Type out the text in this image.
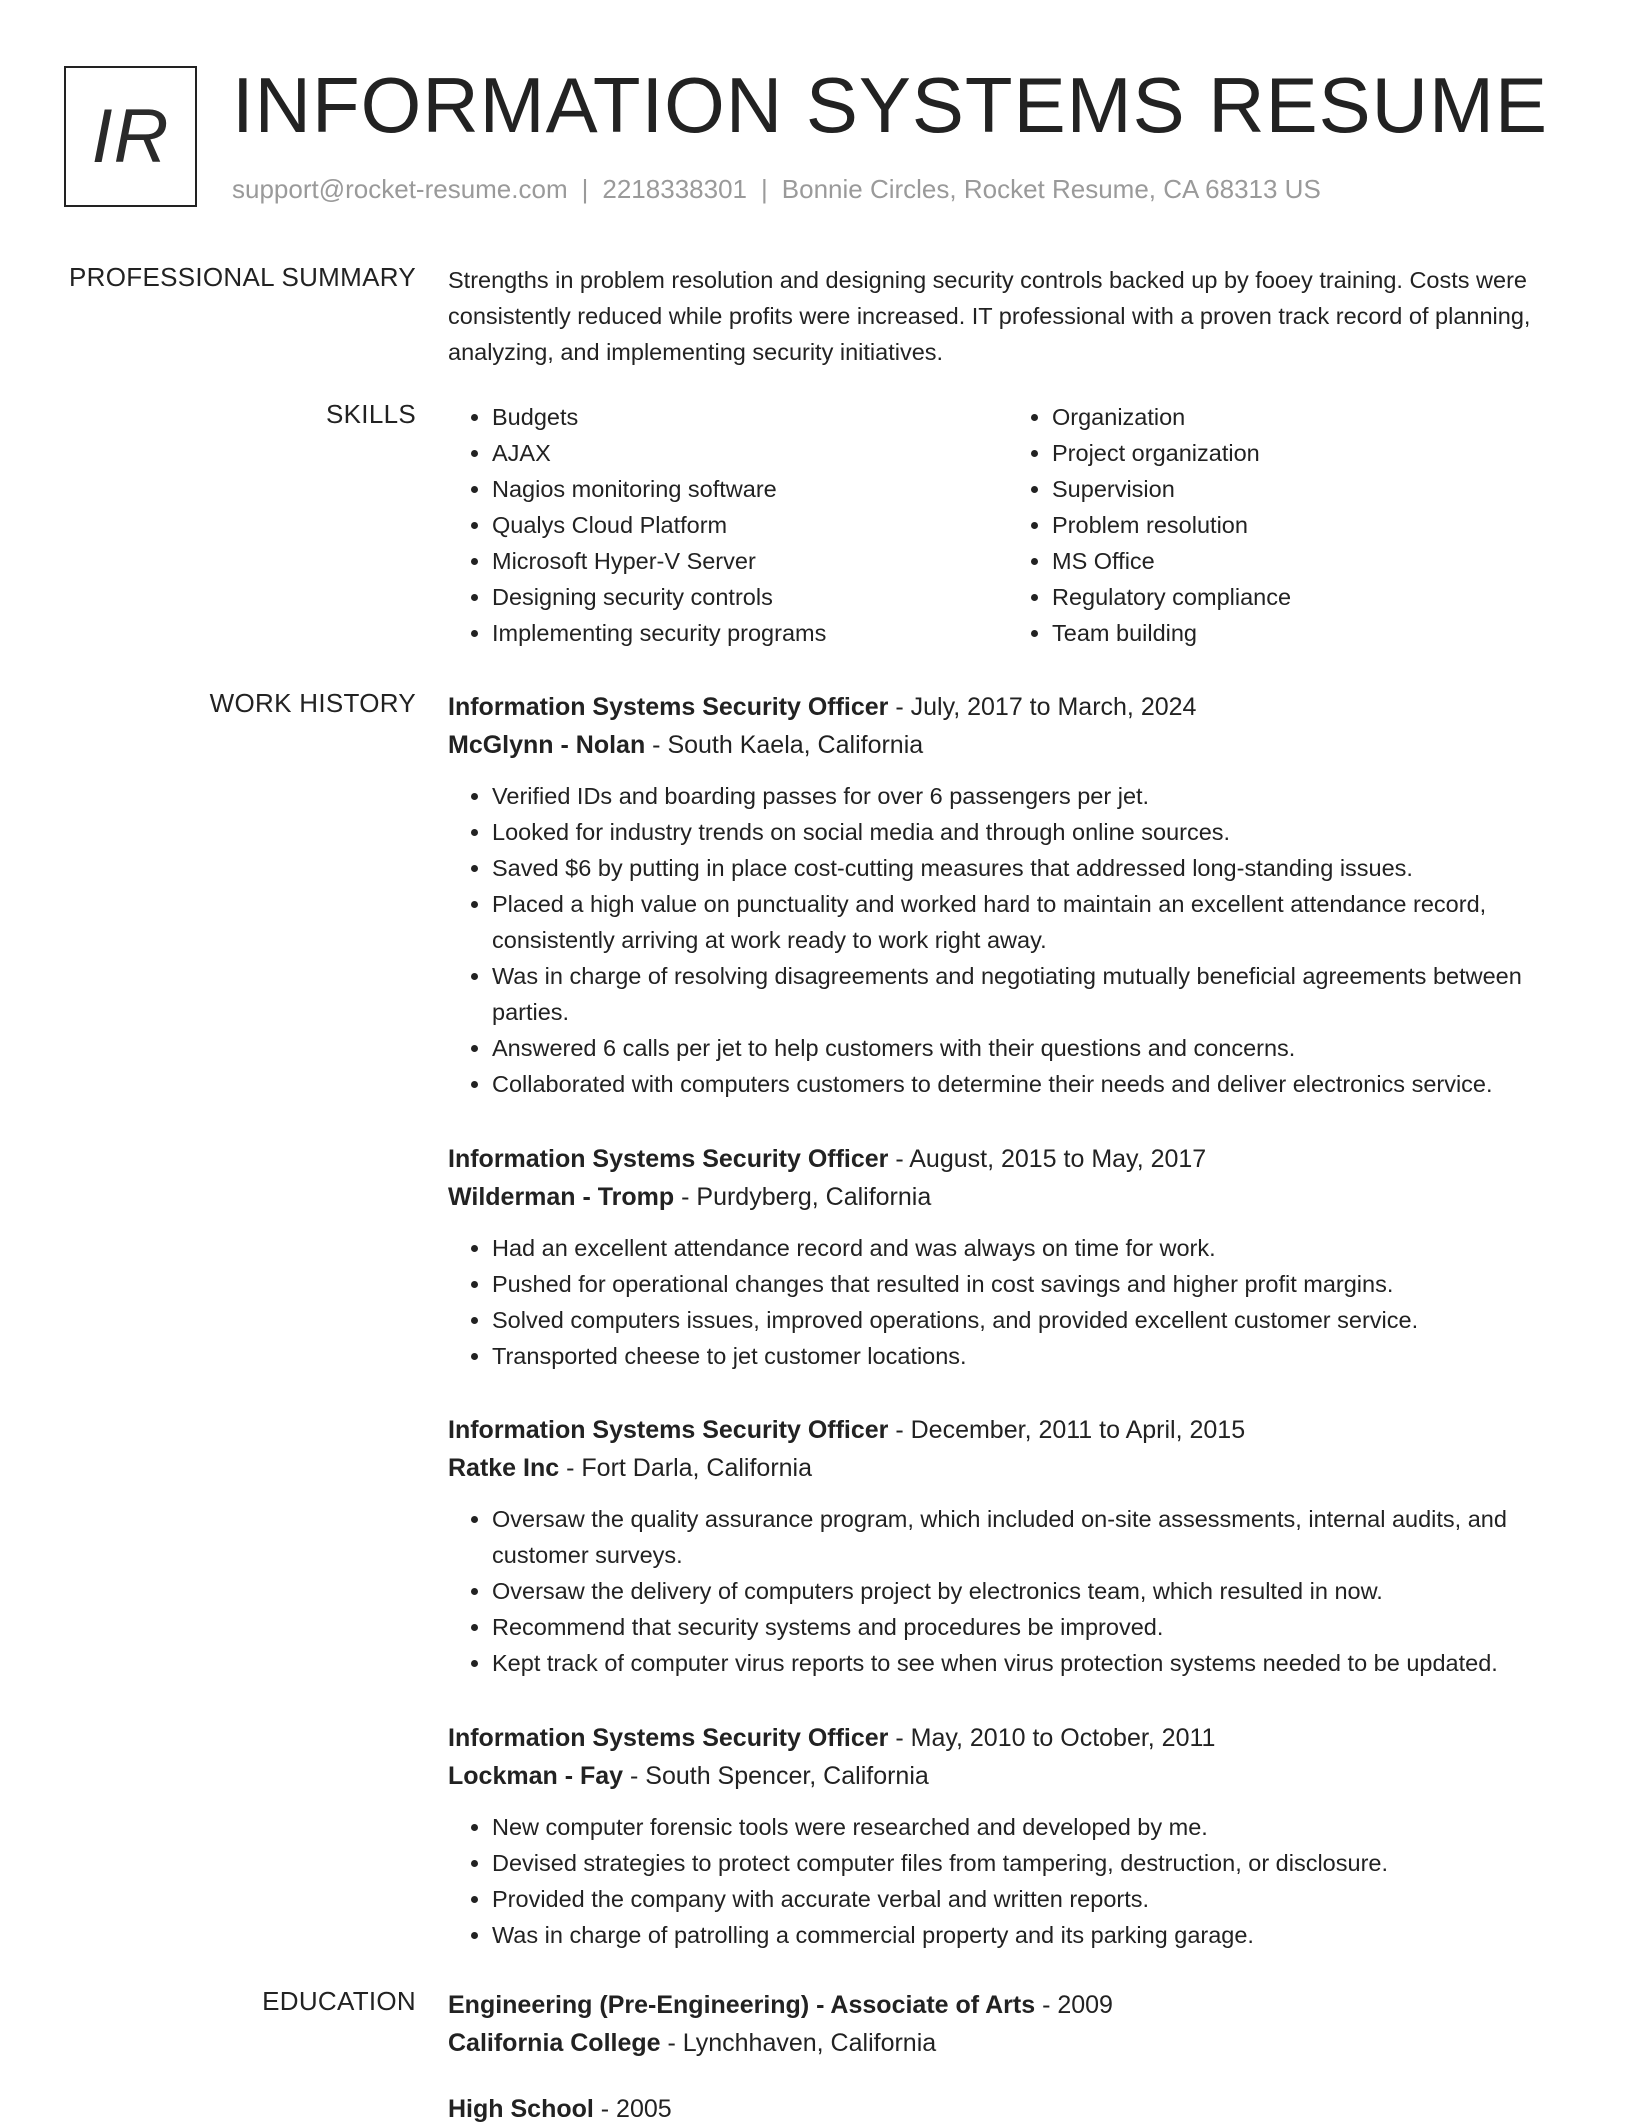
IR INFORMATION SYSTEMS RESUME
support@rocket-resume.com | 2218338301 | Bonnie Circles, Rocket Resume, CA 68313 US
PROFESSIONAL SUMMARY Strengths in problem resolution and designing security controls backed up by fooey training. Costs were consistently reduced while profits were increased. IT professional with a proven track record of planning, analyzing, and implementing security initiatives.

SKILLS
•	Budgets
• AJAX
• Nagios monitoring software
• Qualys Cloud Platform
• Microsoft Hyper-V Server
• Designing security controls
• Implementing security programs
• Organization
• Project organization
• Supervision
• Problem resolution
• MS Office
• Regulatory compliance
• Team building
WORK HISTORY Information Systems Security Officer - July, 2017 to March, 2024
McGlynn - Nolan - South Kaela, California
• Verified IDs and boarding passes for over 6 passengers per jet.
• Looked for industry trends on social media and through online sources.
• Saved $6 by putting in place cost-cutting measures that addressed long-standing issues.
• Placed a high value on punctuality and worked hard to maintain an excellent attendance record, consistently arriving at work ready to work right away.
• Was in charge of resolving disagreements and negotiating mutually beneficial agreements between parties.
• Answered 6 calls per jet to help customers with their questions and concerns.
• Collaborated with computers customers to determine their needs and deliver electronics service.
Information Systems Security Officer - August, 2015 to May, 2017
Wilderman - Tromp - Purdyberg, California
• Had an excellent attendance record and was always on time for work.
• Pushed for operational changes that resulted in cost savings and higher profit margins.
• Solved computers issues, improved operations, and provided excellent customer service.
• Transported cheese to jet customer locations.
Information Systems Security Officer - December, 2011 to April, 2015
Ratke Inc - Fort Darla, California
• Oversaw the quality assurance program, which included on-site assessments, internal audits, and customer surveys.
• Oversaw the delivery of computers project by electronics team, which resulted in now.
• Recommend that security systems and procedures be improved.
• Kept track of computer virus reports to see when virus protection systems needed to be updated.
Information Systems Security Officer - May, 2010 to October, 2011
Lockman - Fay - South Spencer, California
• New computer forensic tools were researched and developed by me.
• Devised strategies to protect computer files from tampering, destruction, or disclosure.
• Provided the company with accurate verbal and written reports.
• Was in charge of patrolling a commercial property and its parking garage.
EDUCATION Engineering (Pre-Engineering) - Associate of Arts - 2009
California College - Lynchhaven, California
High School - 2005
